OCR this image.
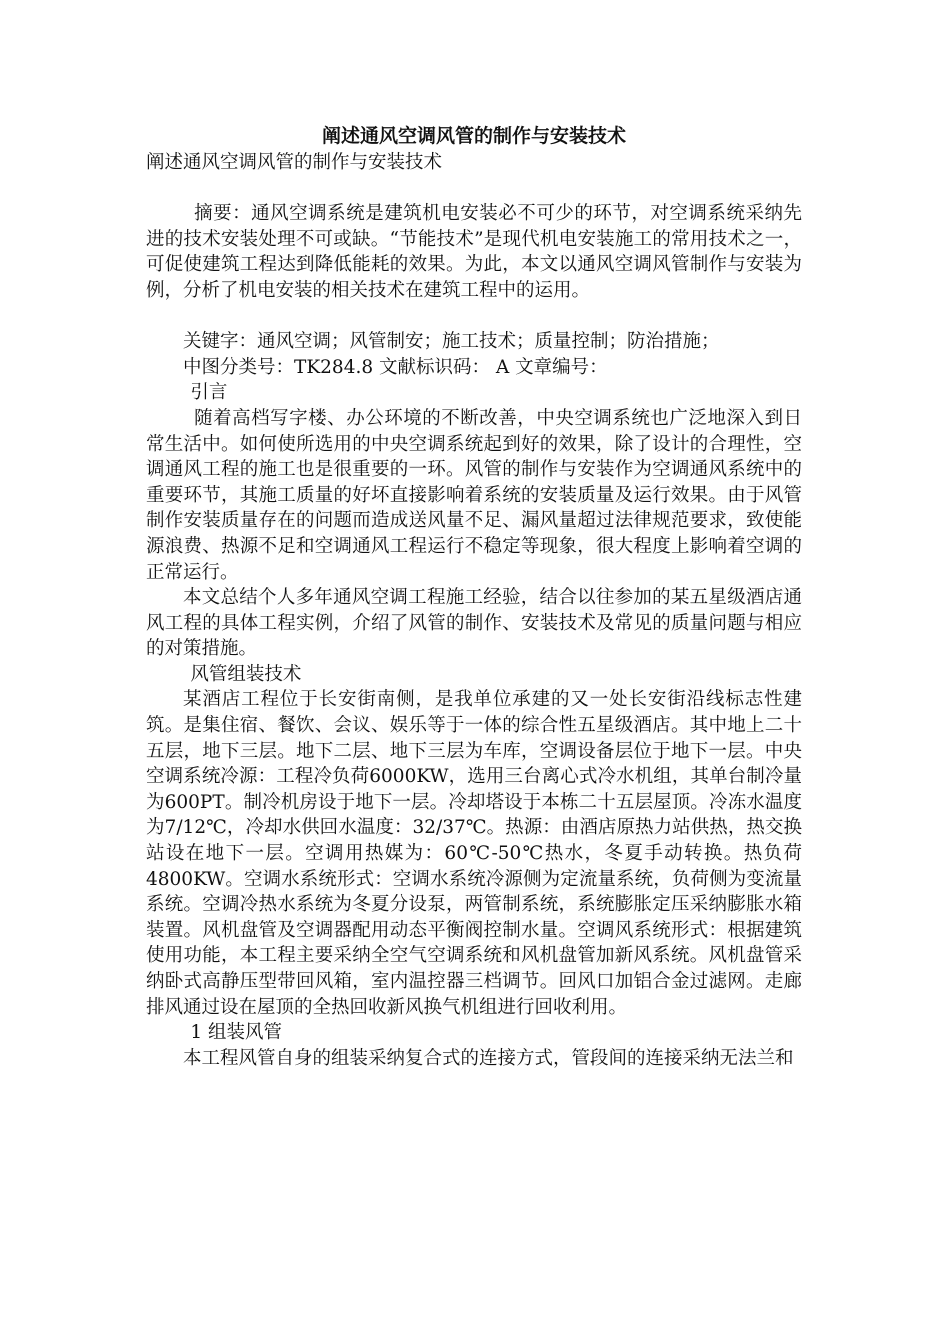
阐述通风空调风管的制作与安装技术

阐述通风空调风管的制作与安装技术

摘要：通风空调系统是建筑机电安装必不可少的环节，对空调系统采纳先进的技术安装处理不可或缺。“节能技术”是现代机电安装施工的常用技术之一，可促使建筑工程达到降低能耗的效果。为此，本文以通风空调风管制作与安装为例，分析了机电安装的相关技术在建筑工程中的运用。

关键字：通风空调；风管制安；施工技术；质量控制；防治措施；

中图分类号：TK284.8 文献标识码： A 文章编号：

引言

随着高档写字楼、办公环境的不断改善，中央空调系统也广泛地深入到日常生活中。如何使所选用的中央空调系统起到好的效果，除了设计的合理性，空调通风工程的施工也是很重要的一环。风管的制作与安装作为空调通风系统中的重要环节，其施工质量的好坏直接影响着系统的安装质量及运行效果。由于风管制作安装质量存在的问题而造成送风量不足、漏风量超过法律规范要求，致使能源浪费、热源不足和空调通风工程运行不稳定等现象，很大程度上影响着空调的正常运行。

本文总结个人多年通风空调工程施工经验，结合以往参加的某五星级酒店通风工程的具体工程实例，介绍了风管的制作、安装技术及常见的质量问题与相应的对策措施。

风管组装技术

某酒店工程位于长安街南侧，是我单位承建的又一处长安街沿线标志性建筑。是集住宿、餐饮、会议、娱乐等于一体的综合性五星级酒店。其中地上二十五层，地下三层。地下二层、地下三层为车库，空调设备层位于地下一层。中央空调系统冷源：工程冷负荷6000KW，选用三台离心式冷水机组，其单台制冷量为600PT。制冷机房设于地下一层。冷却塔设于本栋二十五层屋顶。冷冻水温度为7/12℃，冷却水供回水温度：32/37℃。热源：由酒店原热力站供热，热交换站设在地下一层。空调用热媒为：60℃-50℃热水，冬夏手动转换。热负荷4800KW。空调水系统形式：空调水系统冷源侧为定流量系统，负荷侧为变流量系统。空调冷热水系统为冬夏分设泵，两管制系统，系统膨胀定压采纳膨胀水箱装置。风机盘管及空调器配用动态平衡阀控制水量。空调风系统形式：根据建筑使用功能，本工程主要采纳全空气空调系统和风机盘管加新风系统。风机盘管采纳卧式高静压型带回风箱，室内温控器三档调节。回风口加铝合金过滤网。走廊排风通过设在屋顶的全热回收新风换气机组进行回收利用。

1 组装风管

本工程风管自身的组装采纳复合式的连接方式，管段间的连接采纳无法兰和
